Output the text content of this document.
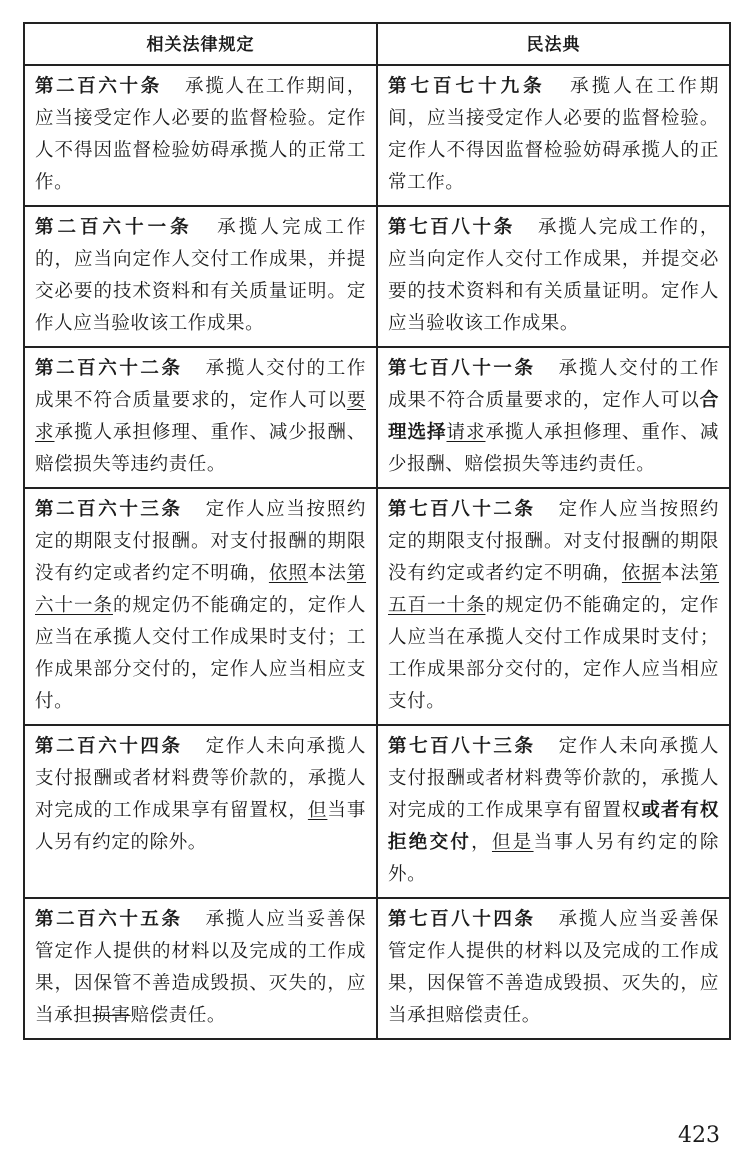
相关法律规定	民法典
第二百六十条 承揽人在工作期间，应当接受定作人必要的监督检验。定作人不得因监督检验妨碍承揽人的正常工作。	第七百七十九条 承揽人在工作期间，应当接受定作人必要的监督检验。定作人不得因监督检验妨碍承揽人的正常工作。
第二百六十一条 承揽人完成工作的，应当向定作人交付工作成果，并提交必要的技术资料和有关质量证明。定作人应当验收该工作成果。	第七百八十条 承揽人完成工作的，应当向定作人交付工作成果，并提交必要的技术资料和有关质量证明。定作人应当验收该工作成果。
第二百六十二条 承揽人交付的工作成果不符合质量要求的，定作人可以要求承揽人承担修理、重作、减少报酬、赔偿损失等违约责任。	第七百八十一条 承揽人交付的工作成果不符合质量要求的，定作人可以合理选择请求承揽人承担修理、重作、减少报酬、赔偿损失等违约责任。
第二百六十三条 定作人应当按照约定的期限支付报酬。对支付报酬的期限没有约定或者约定不明确，依照本法第六十一条的规定仍不能确定的，定作人应当在承揽人交付工作成果时支付；工作成果部分交付的，定作人应当相应支付。	第七百八十二条 定作人应当按照约定的期限支付报酬。对支付报酬的期限没有约定或者约定不明确，依据本法第五百一十条的规定仍不能确定的，定作人应当在承揽人交付工作成果时支付；工作成果部分交付的，定作人应当相应支付。
第二百六十四条 定作人未向承揽人支付报酬或者材料费等价款的，承揽人对完成的工作成果享有留置权，但当事人另有约定的除外。	第七百八十三条 定作人未向承揽人支付报酬或者材料费等价款的，承揽人对完成的工作成果享有留置权或者有权拒绝交付，但是当事人另有约定的除外。
第二百六十五条 承揽人应当妥善保管定作人提供的材料以及完成的工作成果，因保管不善造成毁损、灭失的，应当承担损害赔偿责任。	第七百八十四条 承揽人应当妥善保管定作人提供的材料以及完成的工作成果，因保管不善造成毁损、灭失的，应当承担赔偿责任。
423
